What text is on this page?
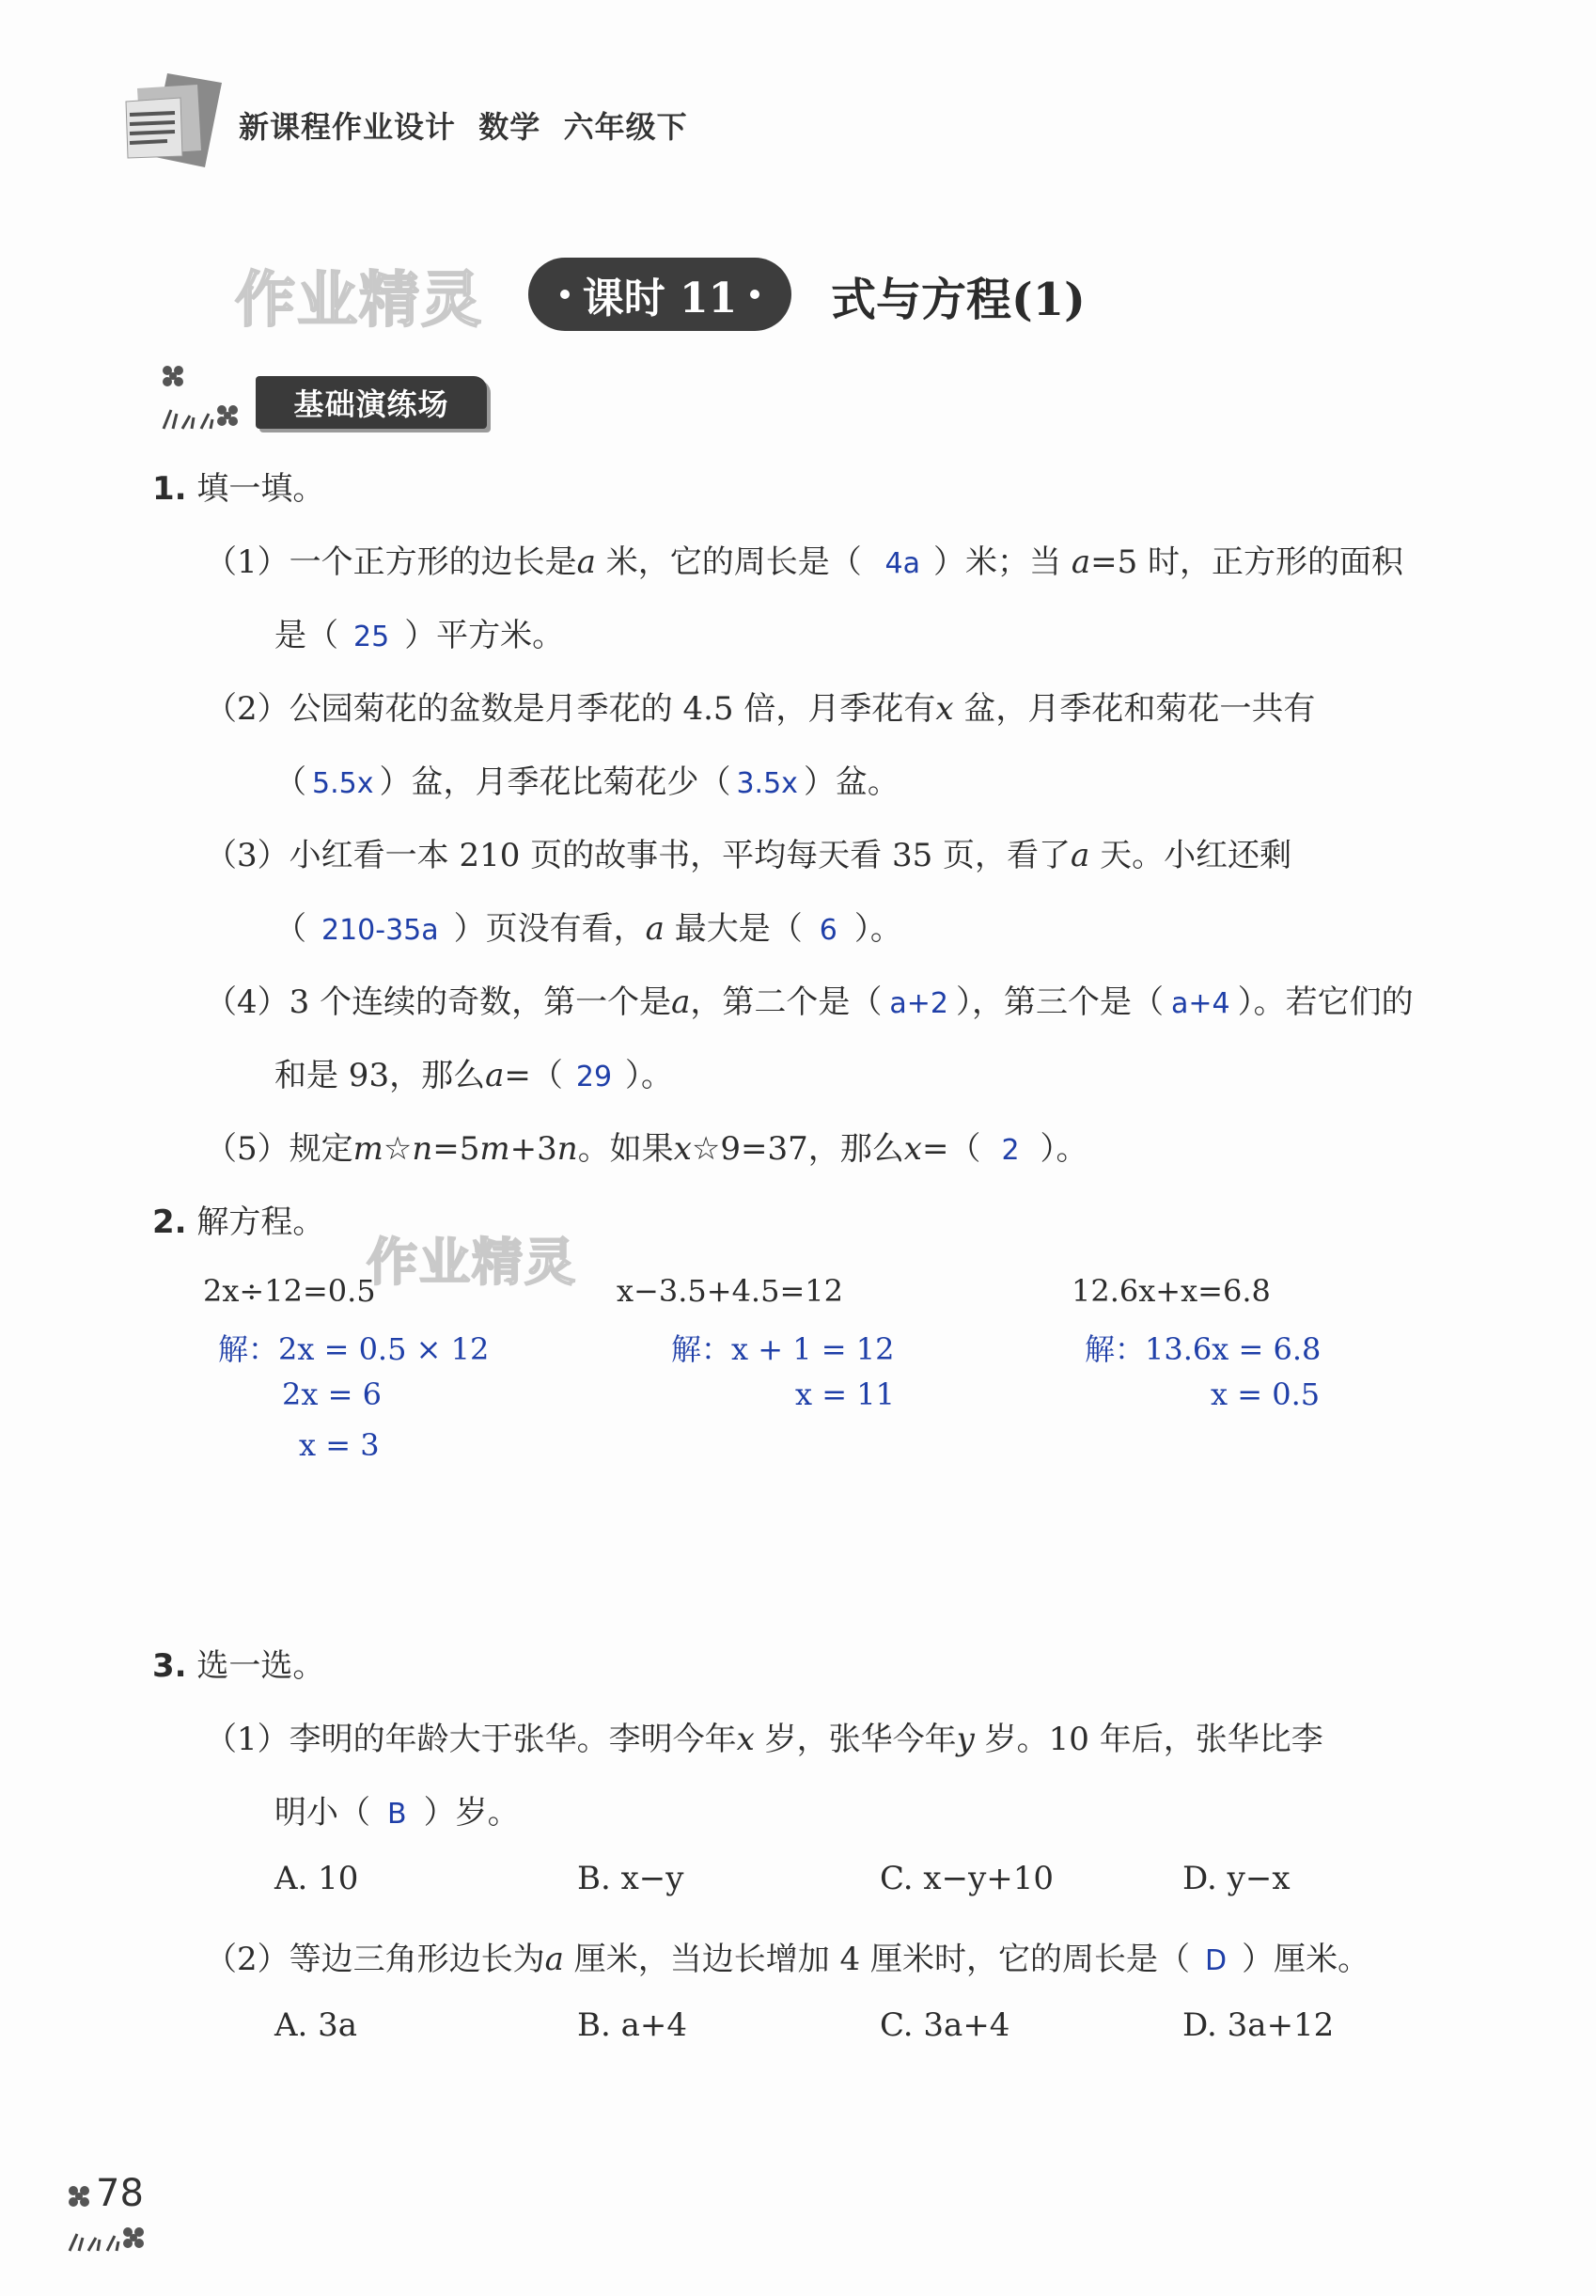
新课程作业设计  数学  六年级下
作业精灵 课时 11 式与方程(1)
基础演练场
1. 填一填。
（1）一个正方形的边长是a 米，它的周长是（ 4a ）米；当 a=5 时，正方形的面积
是（ 25 ）平方米。
（2）公园菊花的盆数是月季花的 4.5 倍，月季花有x 盆，月季花和菊花一共有
（ 5.5x ）盆，月季花比菊花少（ 3.5x ）盆。
（3）小红看一本 210 页的故事书，平均每天看 35 页，看了a 天。小红还剩
（ 210-35a ）页没有看，a 最大是（ 6 ）。
（4）3 个连续的奇数，第一个是a，第二个是（ a+2 ），第三个是（ a+4 ）。若它们的
和是 93，那么a=（ 29 ）。
（5）规定m☆n=5m+3n。如果x☆9=37，那么x=（ 2 ）。
2. 解方程。
作业精灵
2x÷12=0.5
解：2x = 0.5 × 12
2x = 6
x = 3
x−3.5+4.5=12
解：x + 1 = 12
x = 11
12.6x+x=6.8
解：13.6x = 6.8
x = 0.5
3. 选一选。
（1）李明的年龄大于张华。李明今年x 岁，张华今年y 岁。10 年后，张华比李
明小（ B ）岁。
A. 10	B. x−y	C. x−y+10	D. y−x
（2）等边三角形边长为a 厘米，当边长增加 4 厘米时，它的周长是（ D ）厘米。
A. 3a	B. a+4	C. 3a+4	D. 3a+12
78
